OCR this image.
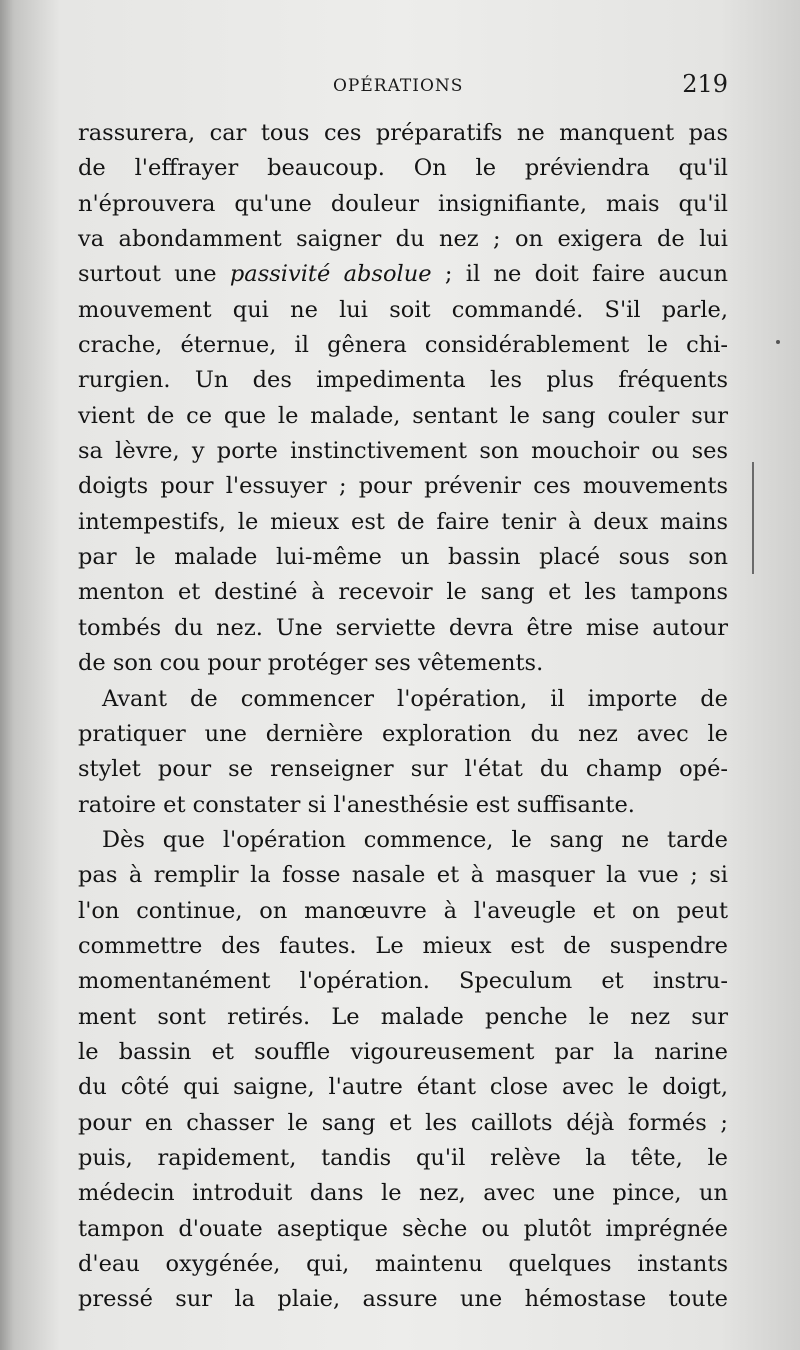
OPÉRATIONS	219
rassurera, car tous ces préparatifs ne manquent pas
de l'effrayer beaucoup. On le préviendra qu'il
n'éprouvera qu'une douleur insignifiante, mais qu'il
va abondamment saigner du nez ; on exigera de lui
surtout une passivité absolue ; il ne doit faire aucun
mouvement qui ne lui soit commandé. S'il parle,
crache, éternue, il gênera considérablement le chi-
rurgien. Un des impedimenta les plus fréquents
vient de ce que le malade, sentant le sang couler sur
sa lèvre, y porte instinctivement son mouchoir ou ses
doigts pour l'essuyer ; pour prévenir ces mouvements
intempestifs, le mieux est de faire tenir à deux mains
par le malade lui-même un bassin placé sous son
menton et destiné à recevoir le sang et les tampons
tombés du nez. Une serviette devra être mise autour
de son cou pour protéger ses vêtements.
Avant de commencer l'opération, il importe de
pratiquer une dernière exploration du nez avec le
stylet pour se renseigner sur l'état du champ opé-
ratoire et constater si l'anesthésie est suffisante.
Dès que l'opération commence, le sang ne tarde
pas à remplir la fosse nasale et à masquer la vue ; si
l'on continue, on manœuvre à l'aveugle et on peut
commettre des fautes. Le mieux est de suspendre
momentanément l'opération. Speculum et instru-
ment sont retirés. Le malade penche le nez sur
le bassin et souffle vigoureusement par la narine
du côté qui saigne, l'autre étant close avec le doigt,
pour en chasser le sang et les caillots déjà formés ;
puis, rapidement, tandis qu'il relève la tête, le
médecin introduit dans le nez, avec une pince, un
tampon d'ouate aseptique sèche ou plutôt imprégnée
d'eau oxygénée, qui, maintenu quelques instants
pressé sur la plaie, assure une hémostase toute
